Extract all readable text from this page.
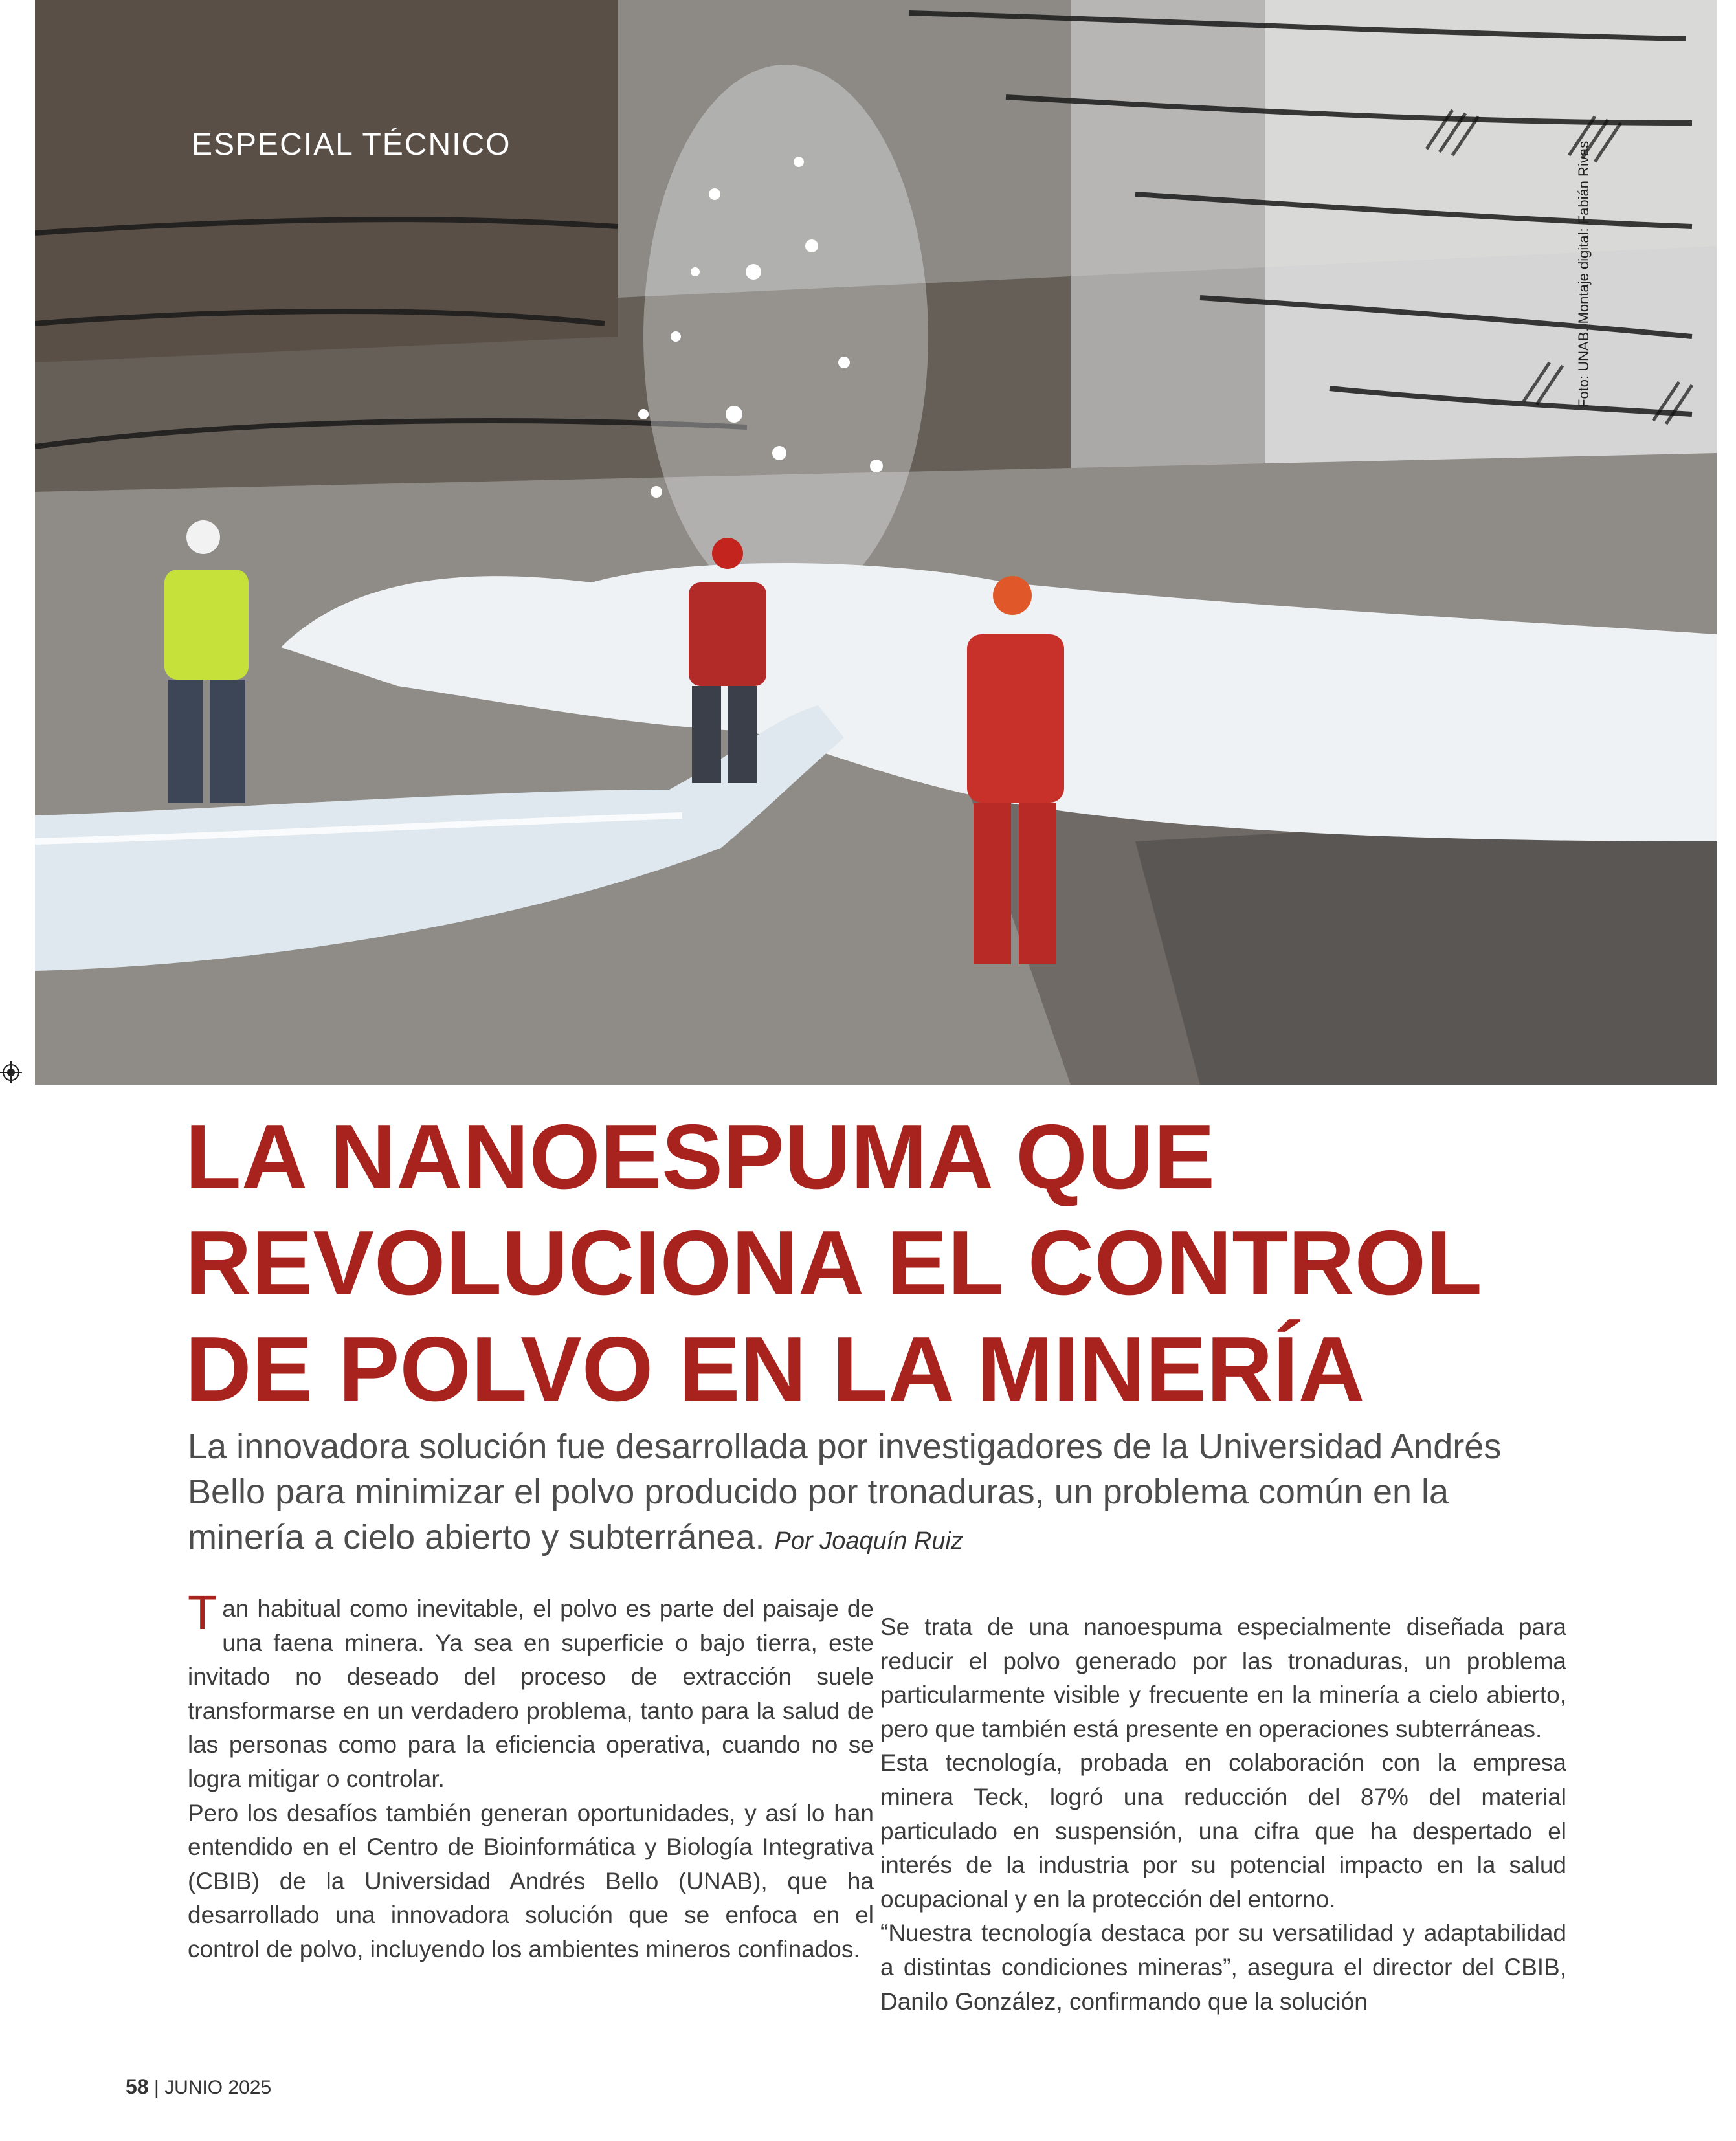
ESPECIAL TÉCNICO	Foto: UNAB. Montaje digital: Fabián Rivas
LA NANOESPUMA QUE
REVOLUCIONA EL CONTROL
DE POLVO EN LA MINERÍA

La innovadora solución fue desarrollada por investigadores de la Universidad Andrés Bello para minimizar el polvo producido por tronaduras, un problema común en la minería a cielo abierto y subterránea. Por Joaquín Ruiz

Tan habitual como inevitable, el polvo es parte del paisaje de una faena minera. Ya sea en superficie o bajo tierra, este invitado no deseado del proceso de extracción suele transformarse en un verdadero problema, tanto para la salud de las personas como para la eficiencia operativa, cuando no se logra mitigar o controlar.

Pero los desafíos también generan oportunidades, y así lo han entendido en el Centro de Bioinformática y Biología Integrativa (CBIB) de la Universidad Andrés Bello (UNAB), que ha desarrollado una innovadora solución que se enfoca en el control de polvo, incluyendo los ambientes mineros confinados.

Se trata de una nanoespuma especialmente diseñada para reducir el polvo generado por las tronaduras, un problema particularmente visible y frecuente en la minería a cielo abierto, pero que también está presente en operaciones subterráneas.

Esta tecnología, probada en colaboración con la empresa minera Teck, logró una reducción del 87% del material particulado en suspensión, una cifra que ha despertado el interés de la industria por su potencial impacto en la salud ocupacional y en la protección del entorno.

“Nuestra tecnología destaca por su versatilidad y adaptabilidad a distintas condiciones mineras”, asegura el director del CBIB, Danilo González, confirmando que la solución

58 | JUNIO 2025
